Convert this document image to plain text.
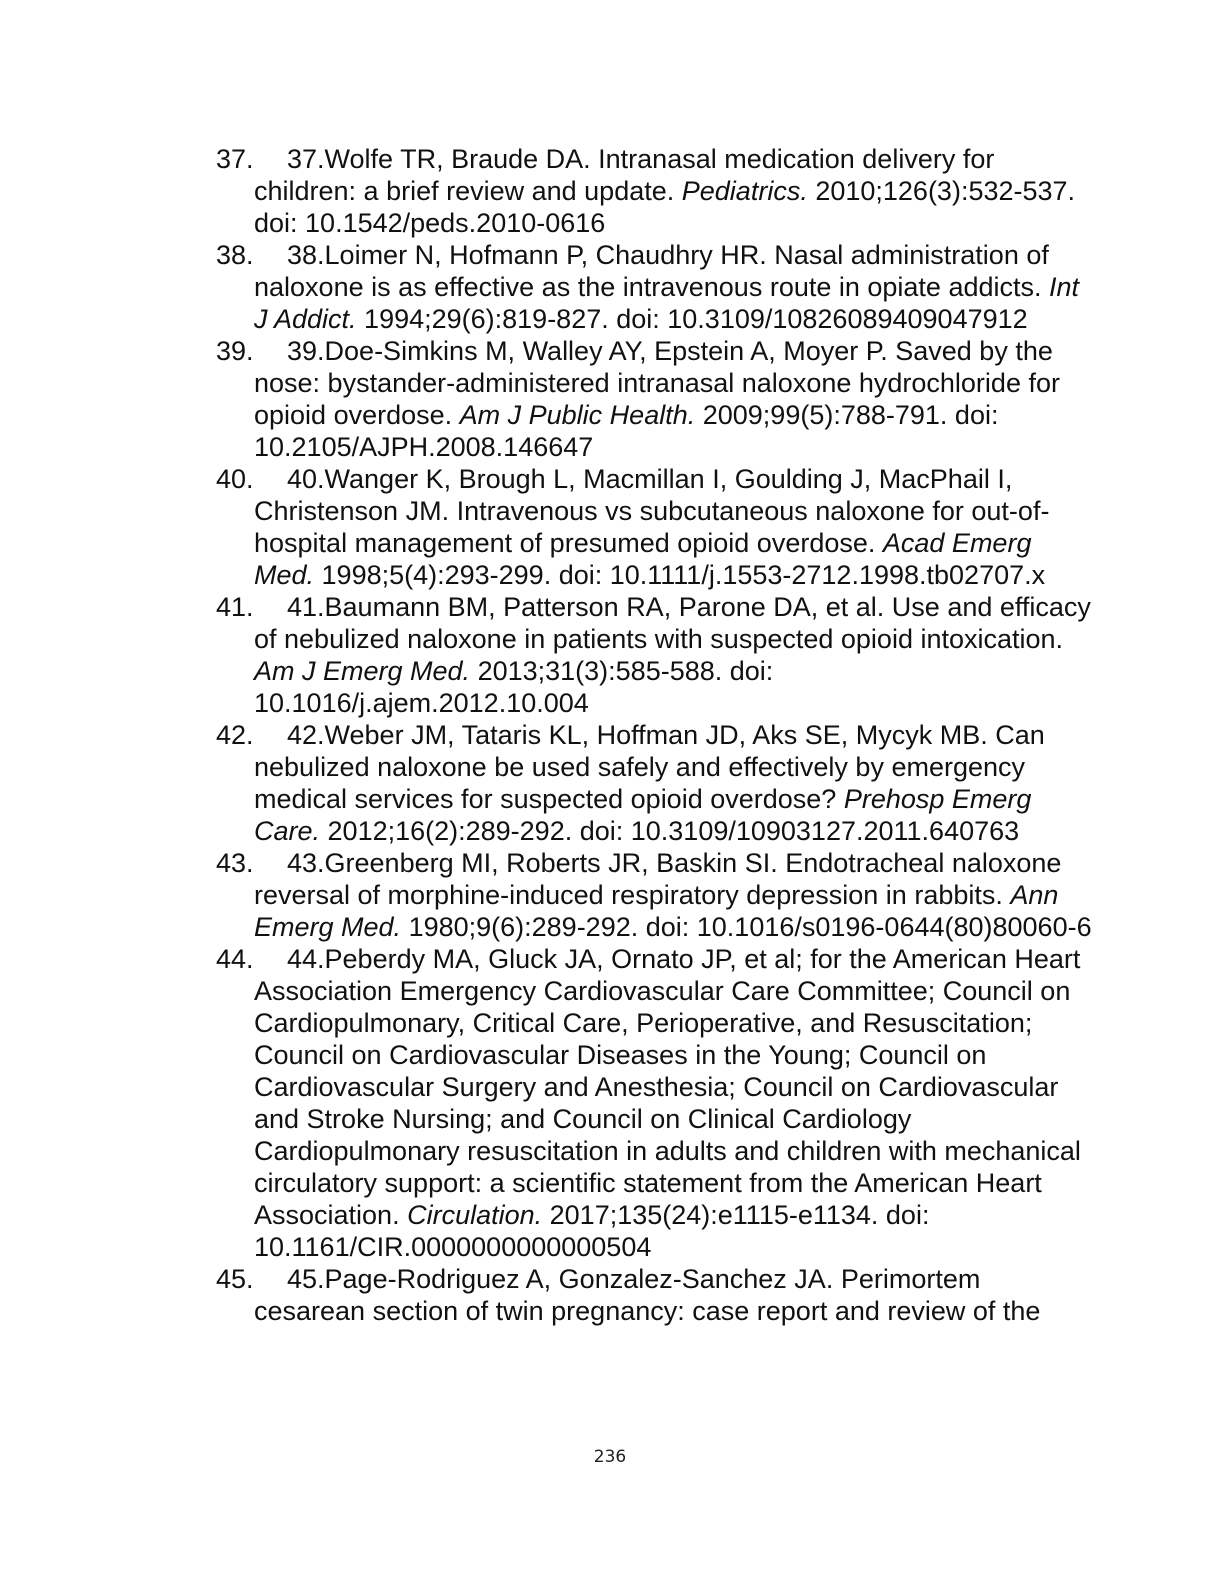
37.	37.Wolfe TR, Braude DA. Intranasal medication delivery for children: a brief review and update. Pediatrics. 2010;126(3):532-537. doi: 10.1542/peds.2010-0616
38.	38.Loimer N, Hofmann P, Chaudhry HR. Nasal administration of naloxone is as effective as the intravenous route in opiate addicts. Int J Addict. 1994;29(6):819-827. doi: 10.3109/10826089409047912
39.	39.Doe-Simkins M, Walley AY, Epstein A, Moyer P. Saved by the nose: bystander-administered intranasal naloxone hydrochloride for opioid overdose. Am J Public Health. 2009;99(5):788-791. doi: 10.2105/AJPH.2008.146647
40.	40.Wanger K, Brough L, Macmillan I, Goulding J, MacPhail I, Christenson JM. Intravenous vs subcutaneous naloxone for out-of-hospital management of presumed opioid overdose. Acad Emerg Med. 1998;5(4):293-299. doi: 10.1111/j.1553-2712.1998.tb02707.x
41.	41.Baumann BM, Patterson RA, Parone DA, et al. Use and efficacy of nebulized naloxone in patients with suspected opioid intoxication. Am J Emerg Med. 2013;31(3):585-588. doi: 10.1016/j.ajem.2012.10.004
42.	42.Weber JM, Tataris KL, Hoffman JD, Aks SE, Mycyk MB. Can nebulized naloxone be used safely and effectively by emergency medical services for suspected opioid overdose? Prehosp Emerg Care. 2012;16(2):289-292. doi: 10.3109/10903127.2011.640763
43.	43.Greenberg MI, Roberts JR, Baskin SI. Endotracheal naloxone reversal of morphine-induced respiratory depression in rabbits. Ann Emerg Med. 1980;9(6):289-292. doi: 10.1016/s0196-0644(80)80060-6
44.	44.Peberdy MA, Gluck JA, Ornato JP, et al; for the American Heart Association Emergency Cardiovascular Care Committee; Council on Cardiopulmonary, Critical Care, Perioperative, and Resuscitation; Council on Cardiovascular Diseases in the Young; Council on Cardiovascular Surgery and Anesthesia; Council on Cardiovascular and Stroke Nursing; and Council on Clinical Cardiology Cardiopulmonary resuscitation in adults and children with mechanical circulatory support: a scientific statement from the American Heart Association. Circulation. 2017;135(24):e1115-e1134. doi: 10.1161/CIR.0000000000000504
45.	45.Page-Rodriguez A, Gonzalez-Sanchez JA. Perimortem cesarean section of twin pregnancy: case report and review of the
236
